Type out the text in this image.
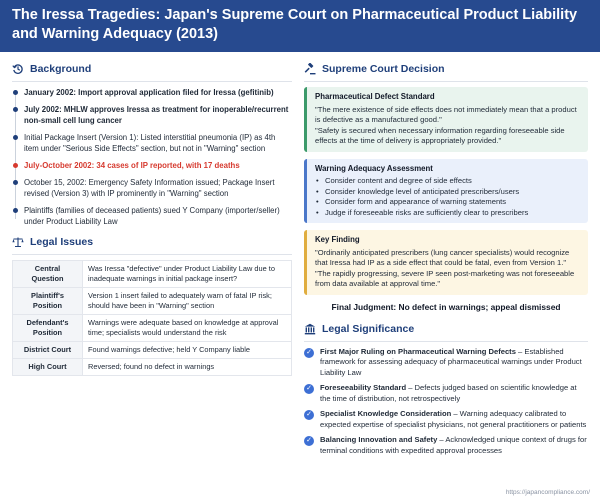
The Iressa Tragedies: Japan's Supreme Court on Pharmaceutical Product Liability and Warning Adequacy (2013)
Background
January 2002: Import approval application filed for Iressa (gefitinib)
July 2002: MHLW approves Iressa as treatment for inoperable/recurrent non-small cell lung cancer
Initial Package Insert (Version 1): Listed interstitial pneumonia (IP) as 4th item under "Serious Side Effects" section, but not in "Warning" section
July-October 2002: 34 cases of IP reported, with 17 deaths
October 15, 2002: Emergency Safety Information issued; Package Insert revised (Version 3) with IP prominently in "Warning" section
Plaintiffs (families of deceased patients) sued Y Company (importer/seller) under Product Liability Law
Legal Issues
Central Question	Was Iressa "defective" under Product Liability Law due to inadequate warnings in initial package insert?
Plaintiff's Position	Version 1 insert failed to adequately warn of fatal IP risk; should have been in "Warning" section
Defendant's Position	Warnings were adequate based on knowledge at approval time; specialists would understand the risk
District Court	Found warnings defective; held Y Company liable
High Court	Reversed; found no defect in warnings
Supreme Court Decision
Pharmaceutical Defect Standard
"The mere existence of side effects does not immediately mean that a product is defective as a manufactured good."
"Safety is secured when necessary information regarding foreseeable side effects at the time of delivery is appropriately provided."
Warning Adequacy Assessment
• Consider content and degree of side effects
• Consider knowledge level of anticipated prescribers/users
• Consider form and appearance of warning statements
• Judge if foreseeable risks are sufficiently clear to prescribers
Key Finding
"Ordinarily anticipated prescribers (lung cancer specialists) would recognize that Iressa had IP as a side effect that could be fatal, even from Version 1."
"The rapidly progressing, severe IP seen post-marketing was not foreseeable from data available at approval time."
Final Judgment: No defect in warnings; appeal dismissed
Legal Significance
✓ First Major Ruling on Pharmaceutical Warning Defects – Established framework for assessing adequacy of pharmaceutical warnings under Product Liability Law
✓ Foreseeability Standard – Defects judged based on scientific knowledge at the time of distribution, not retrospectively
✓ Specialist Knowledge Consideration – Warning adequacy calibrated to expected expertise of specialist physicians, not general practitioners or patients
✓ Balancing Innovation and Safety – Acknowledged unique context of drugs for terminal conditions with expedited approval processes
https://japancompliance.com/
